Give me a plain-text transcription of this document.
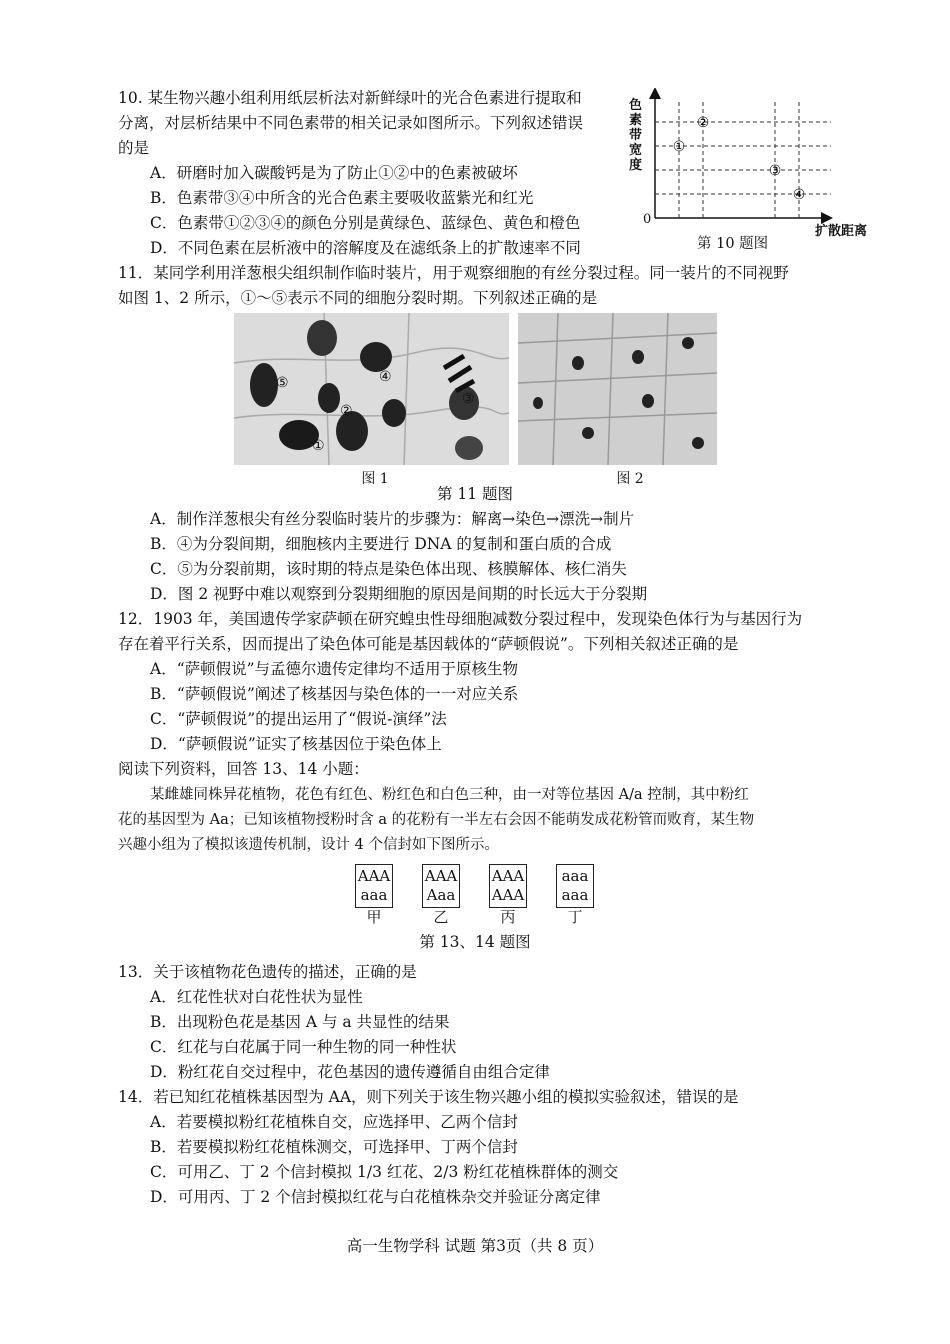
10. 某生物兴趣小组利用纸层析法对新鲜绿叶的光合色素进行提取和
分离，对层析结果中不同色素带的相关记录如图所示。下列叙述错误
的是
A．研磨时加入碳酸钙是为了防止①②中的色素被破坏
B．色素带③④中所含的光合色素主要吸收蓝紫光和红光
C．色素带①②③④的颜色分别是黄绿色、蓝绿色、黄色和橙色
D．不同色素在层析液中的溶解度及在滤纸条上的扩散速率不同
①
②
③
④
色素带宽度
0
扩散距离
第 10 题图
11．某同学利用洋葱根尖组织制作临时装片，用于观察细胞的有丝分裂过程。同一装片的不同视野
如图 1、2 所示，①～⑤表示不同的细胞分裂时期。下列叙述正确的是
①
②
③
④
⑤
图 1	图 2
第 11 题图
A．制作洋葱根尖有丝分裂临时装片的步骤为：解离→染色→漂洗→制片
B．④为分裂间期，细胞核内主要进行 DNA 的复制和蛋白质的合成
C．⑤为分裂前期，该时期的特点是染色体出现、核膜解体、核仁消失
D．图 2 视野中难以观察到分裂期细胞的原因是间期的时长远大于分裂期
12．1903 年，美国遗传学家萨顿在研究蝗虫性母细胞减数分裂过程中，发现染色体行为与基因行为
存在着平行关系，因而提出了染色体可能是基因载体的“萨顿假说”。下列相关叙述正确的是
A．“萨顿假说”与孟德尔遗传定律均不适用于原核生物
B．“萨顿假说”阐述了核基因与染色体的一一对应关系
C．“萨顿假说”的提出运用了“假说-演绎”法
D．“萨顿假说”证实了核基因位于染色体上
阅读下列资料，回答 13、14 小题：
某雌雄同株异花植物，花色有红色、粉红色和白色三种，由一对等位基因 A/a 控制，其中粉红
花的基因型为 Aa；已知该植物授粉时含 a 的花粉有一半左右会因不能萌发成花粉管而败育，某生物
兴趣小组为了模拟该遗传机制，设计 4 个信封如下图所示。
AAA
aaa
AAA
Aaa
AAA
AAA
aaa
aaa
甲	乙	丙	丁
第 13、14 题图
13．关于该植物花色遗传的描述，正确的是
A．红花性状对白花性状为显性
B．出现粉色花是基因 A 与 a 共显性的结果
C．红花与白花属于同一种生物的同一种性状
D．粉红花自交过程中，花色基因的遗传遵循自由组合定律
14．若已知红花植株基因型为 AA，则下列关于该生物兴趣小组的模拟实验叙述，错误的是
A．若要模拟粉红花植株自交，应选择甲、乙两个信封
B．若要模拟粉红花植株测交，可选择甲、丁两个信封
C．可用乙、丁 2 个信封模拟 1/3 红花、2/3 粉红花植株群体的测交
D．可用丙、丁 2 个信封模拟红花与白花植株杂交并验证分离定律
高一生物学科 试题 第3页（共 8 页）
